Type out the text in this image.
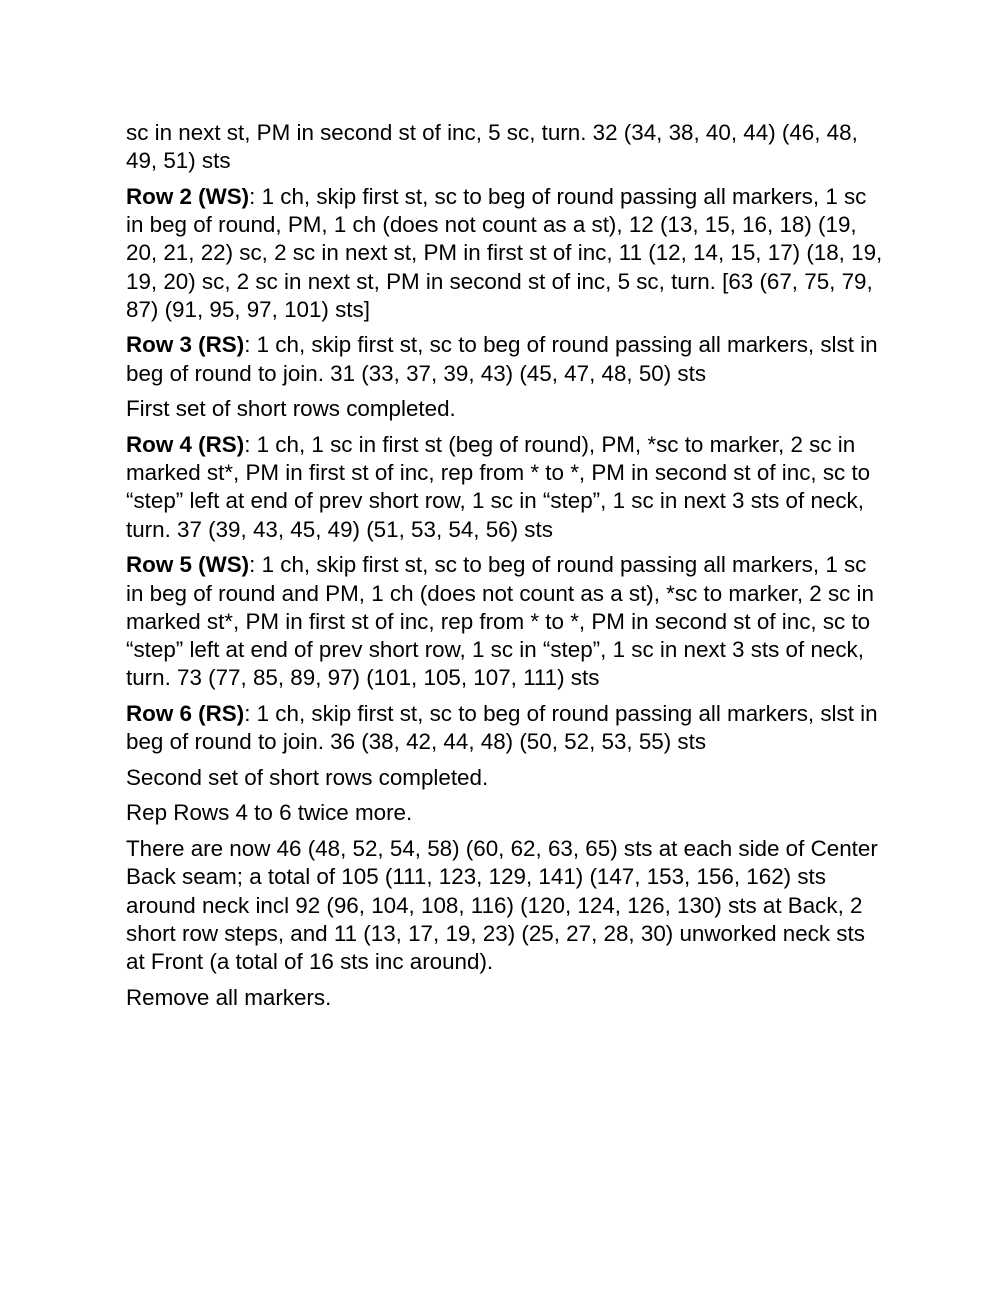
sc in next st, PM in second st of inc, 5 sc, turn. 32 (34, 38, 40, 44) (46, 48, 49, 51) sts

Row 2 (WS): 1 ch, skip first st, sc to beg of round passing all markers, 1 sc in beg of round, PM, 1 ch (does not count as a st), 12 (13, 15, 16, 18) (19, 20, 21, 22) sc, 2 sc in next st, PM in first st of inc, 11 (12, 14, 15, 17) (18, 19, 19, 20) sc, 2 sc in next st, PM in second st of inc, 5 sc, turn. [63 (67, 75, 79, 87) (91, 95, 97, 101) sts]

Row 3 (RS): 1 ch, skip first st, sc to beg of round passing all markers, slst in beg of round to join. 31 (33, 37, 39, 43) (45, 47, 48, 50) sts

First set of short rows completed.

Row 4 (RS): 1 ch, 1 sc in first st (beg of round), PM, *sc to marker, 2 sc in marked st*, PM in first st of inc, rep from * to *, PM in second st of inc, sc to “step” left at end of prev short row, 1 sc in “step”, 1 sc in next 3 sts of neck, turn. 37 (39, 43, 45, 49) (51, 53, 54, 56) sts

Row 5 (WS): 1 ch, skip first st, sc to beg of round passing all markers, 1 sc in beg of round and PM, 1 ch (does not count as a st), *sc to marker, 2 sc in marked st*, PM in first st of inc, rep from * to *, PM in second st of inc, sc to “step” left at end of prev short row, 1 sc in “step”, 1 sc in next 3 sts of neck, turn. 73 (77, 85, 89, 97) (101, 105, 107, 111) sts

Row 6 (RS): 1 ch, skip first st, sc to beg of round passing all markers, slst in beg of round to join. 36 (38, 42, 44, 48) (50, 52, 53, 55) sts

Second set of short rows completed.

Rep Rows 4 to 6 twice more.

There are now 46 (48, 52, 54, 58) (60, 62, 63, 65) sts at each side of Center Back seam; a total of 105 (111, 123, 129, 141) (147, 153, 156, 162) sts around neck incl 92 (96, 104, 108, 116) (120, 124, 126, 130) sts at Back, 2 short row steps, and 11 (13, 17, 19, 23) (25, 27, 28, 30) unworked neck sts at Front (a total of 16 sts inc around).

Remove all markers.
